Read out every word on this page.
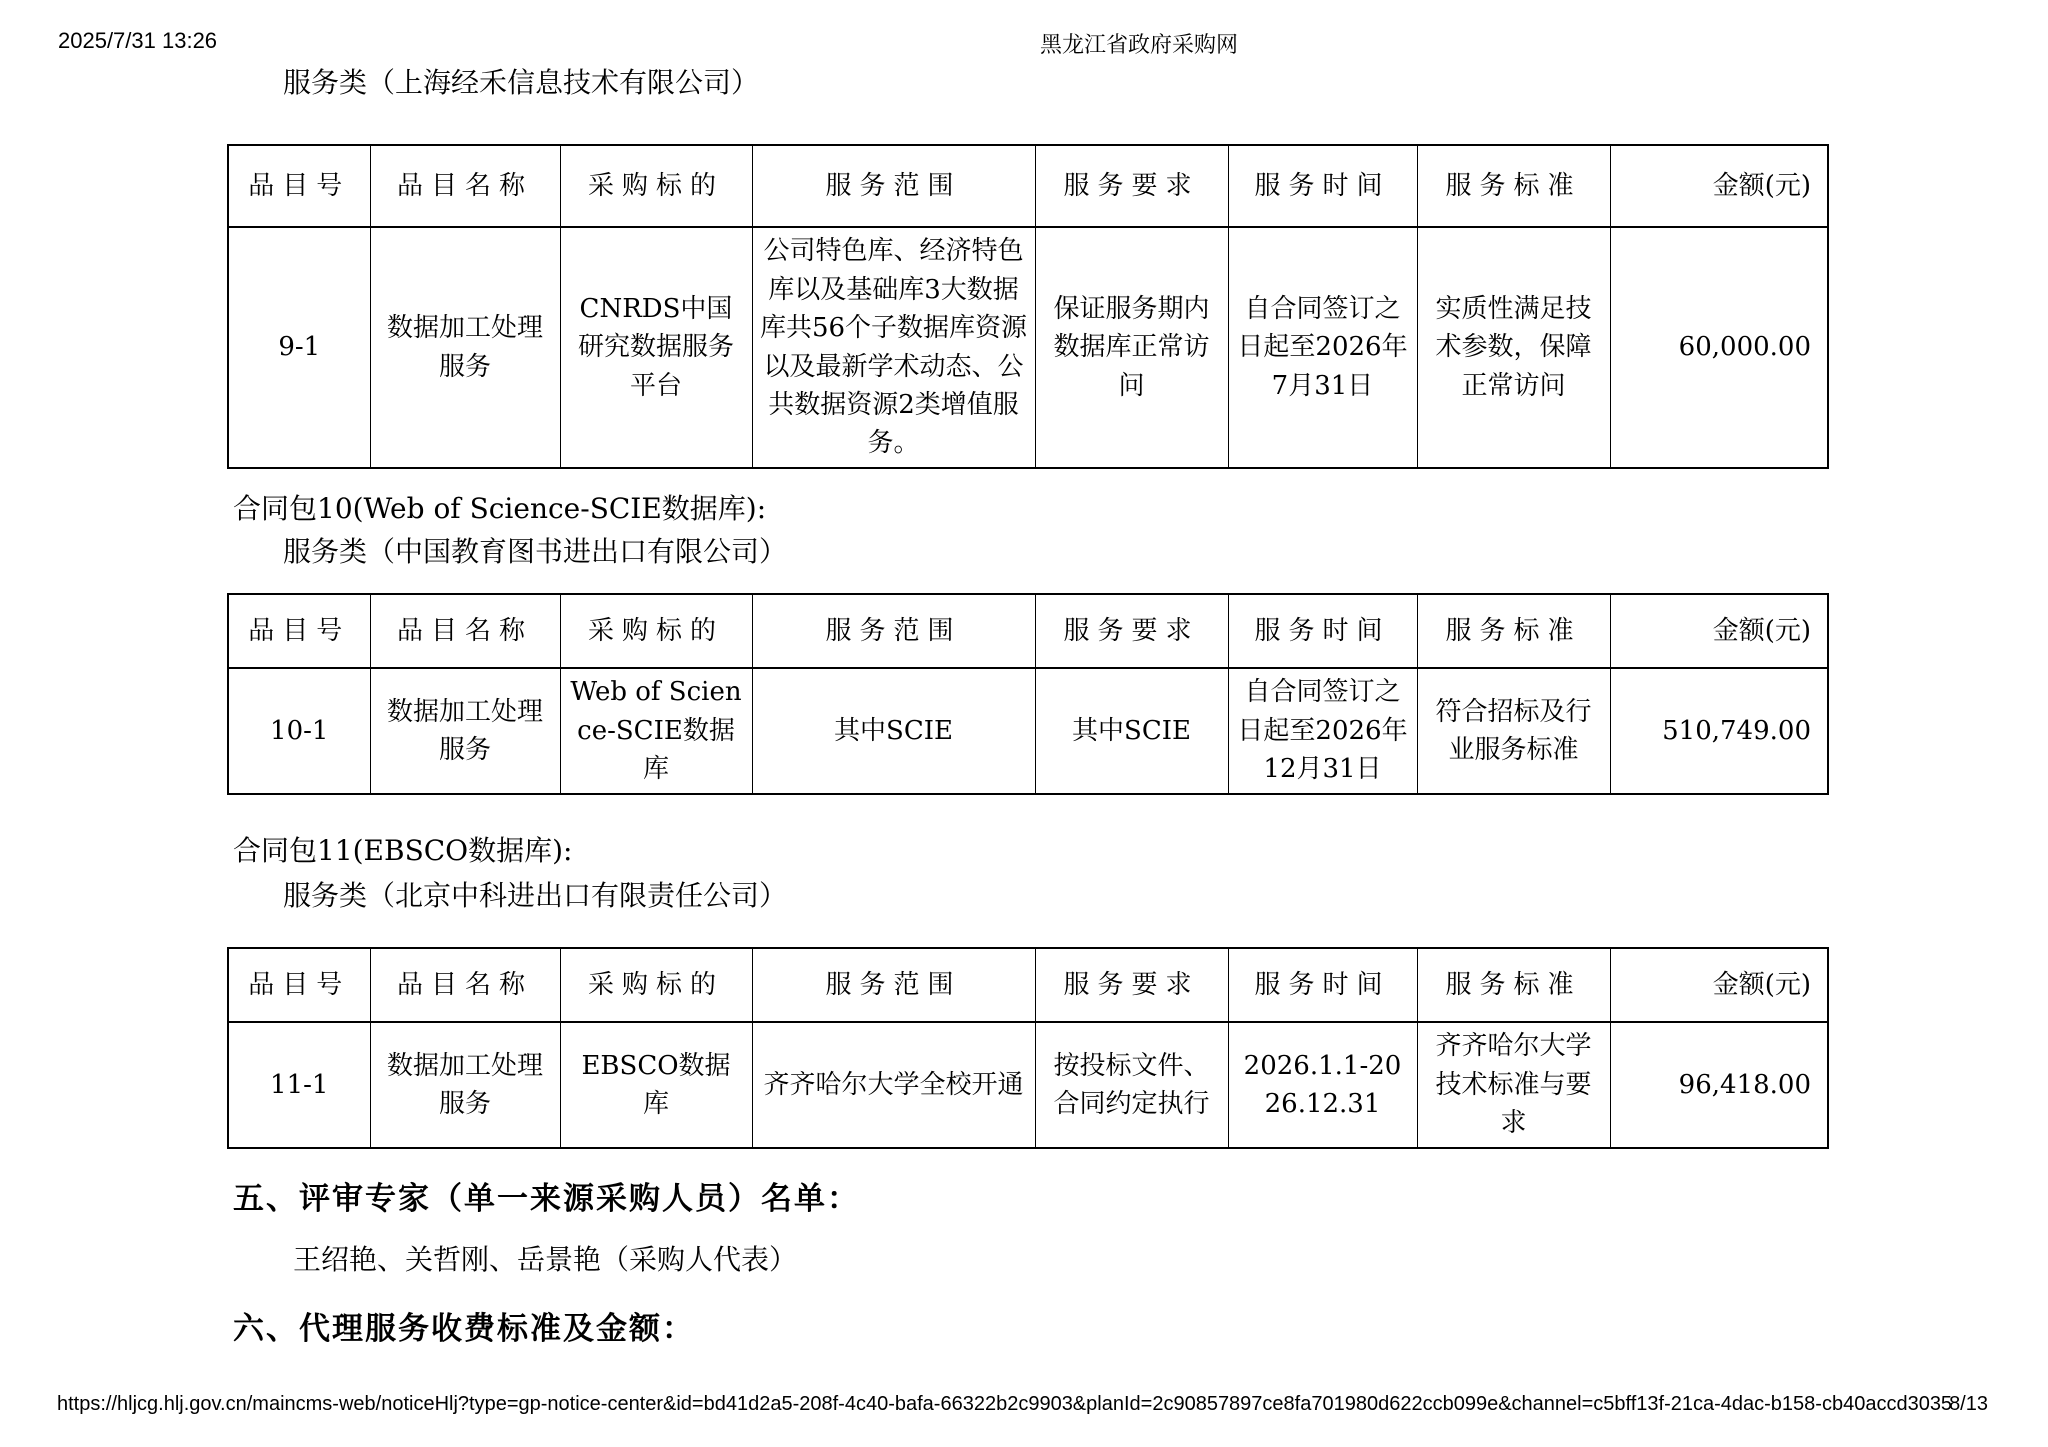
2025/7/31 13:26	黑龙江省政府采购网

服务类（上海经禾信息技术有限公司）

品目号	品目名称	采购标的	服务范围	服务要求	服务时间	服务标准	金额(元)
9-1	数据加工处理服务	CNRDS中国研究数据服务平台	公司特色库、经济特色库以及基础库3大数据库共56个子数据库资源以及最新学术动态、公共数据资源2类增值服务。	保证服务期内数据库正常访问	自合同签订之日起至2026年7月31日	实质性满足技术参数，保障正常访问	60,000.00

合同包10(Web of Science-SCIE数据库):

服务类（中国教育图书进出口有限公司）

品目号	品目名称	采购标的	服务范围	服务要求	服务时间	服务标准	金额(元)
10-1	数据加工处理服务	Web of Science-SCIE数据库	其中SCIE	其中SCIE	自合同签订之日起至2026年12月31日	符合招标及行业服务标准	510,749.00

合同包11(EBSCO数据库):

服务类（北京中科进出口有限责任公司）

品目号	品目名称	采购标的	服务范围	服务要求	服务时间	服务标准	金额(元)
11-1	数据加工处理服务	EBSCO数据库	齐齐哈尔大学全校开通	按投标文件、合同约定执行	2026.1.1-2026.12.31	齐齐哈尔大学技术标准与要求	96,418.00
五、评审专家（单一来源采购人员）名单：

王绍艳、关哲刚、岳景艳（采购人代表）

六、代理服务收费标准及金额：
https://hljcg.hlj.gov.cn/maincms-web/noticeHlj?type=gp-notice-center&id=bd41d2a5-208f-4c40-bafa-66322b2c9903&planId=2c90857897ce8fa701980d622ccb099e&channel=c5bff13f-21ca-4dac-b158-cb40accd3035
8/13
